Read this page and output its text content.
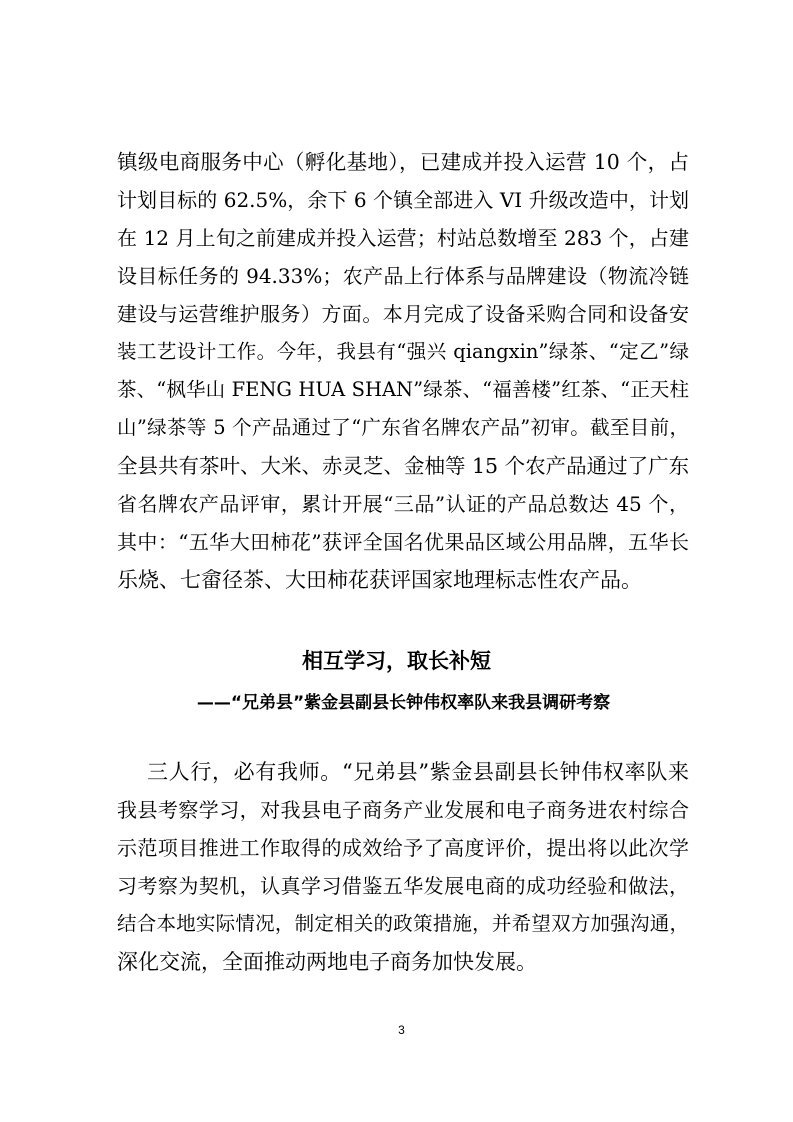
镇级电商服务中心（孵化基地），已建成并投入运营 10 个，占
计划目标的 62.5%，余下 6 个镇全部进入 VI 升级改造中，计划
在 12 月上旬之前建成并投入运营；村站总数增至 283 个，占建
设目标任务的 94.33%；农产品上行体系与品牌建设（物流冷链
建设与运营维护服务）方面。本月完成了设备采购合同和设备安
装工艺设计工作。今年，我县有“强兴 qiangxin”绿茶、“定乙”绿
茶、“枫华山 FENG HUA SHAN”绿茶、“福善楼”红茶、“正天柱
山”绿茶等 5 个产品通过了“广东省名牌农产品”初审。截至目前，
全县共有茶叶、大米、赤灵芝、金柚等 15 个农产品通过了广东
省名牌农产品评审，累计开展“三品”认证的产品总数达 45 个，
其中：“五华大田柿花”获评全国名优果品区域公用品牌，五华长
乐烧、七畲径茶、大田柿花获评国家地理标志性农产品。
相互学习，取长补短
——“兄弟县”紫金县副县长钟伟权率队来我县调研考察
三人行，必有我师。“兄弟县”紫金县副县长钟伟权率队来
我县考察学习，对我县电子商务产业发展和电子商务进农村综合
示范项目推进工作取得的成效给予了高度评价，提出将以此次学
习考察为契机，认真学习借鉴五华发展电商的成功经验和做法，
结合本地实际情况，制定相关的政策措施，并希望双方加强沟通，
深化交流，全面推动两地电子商务加快发展。
3
